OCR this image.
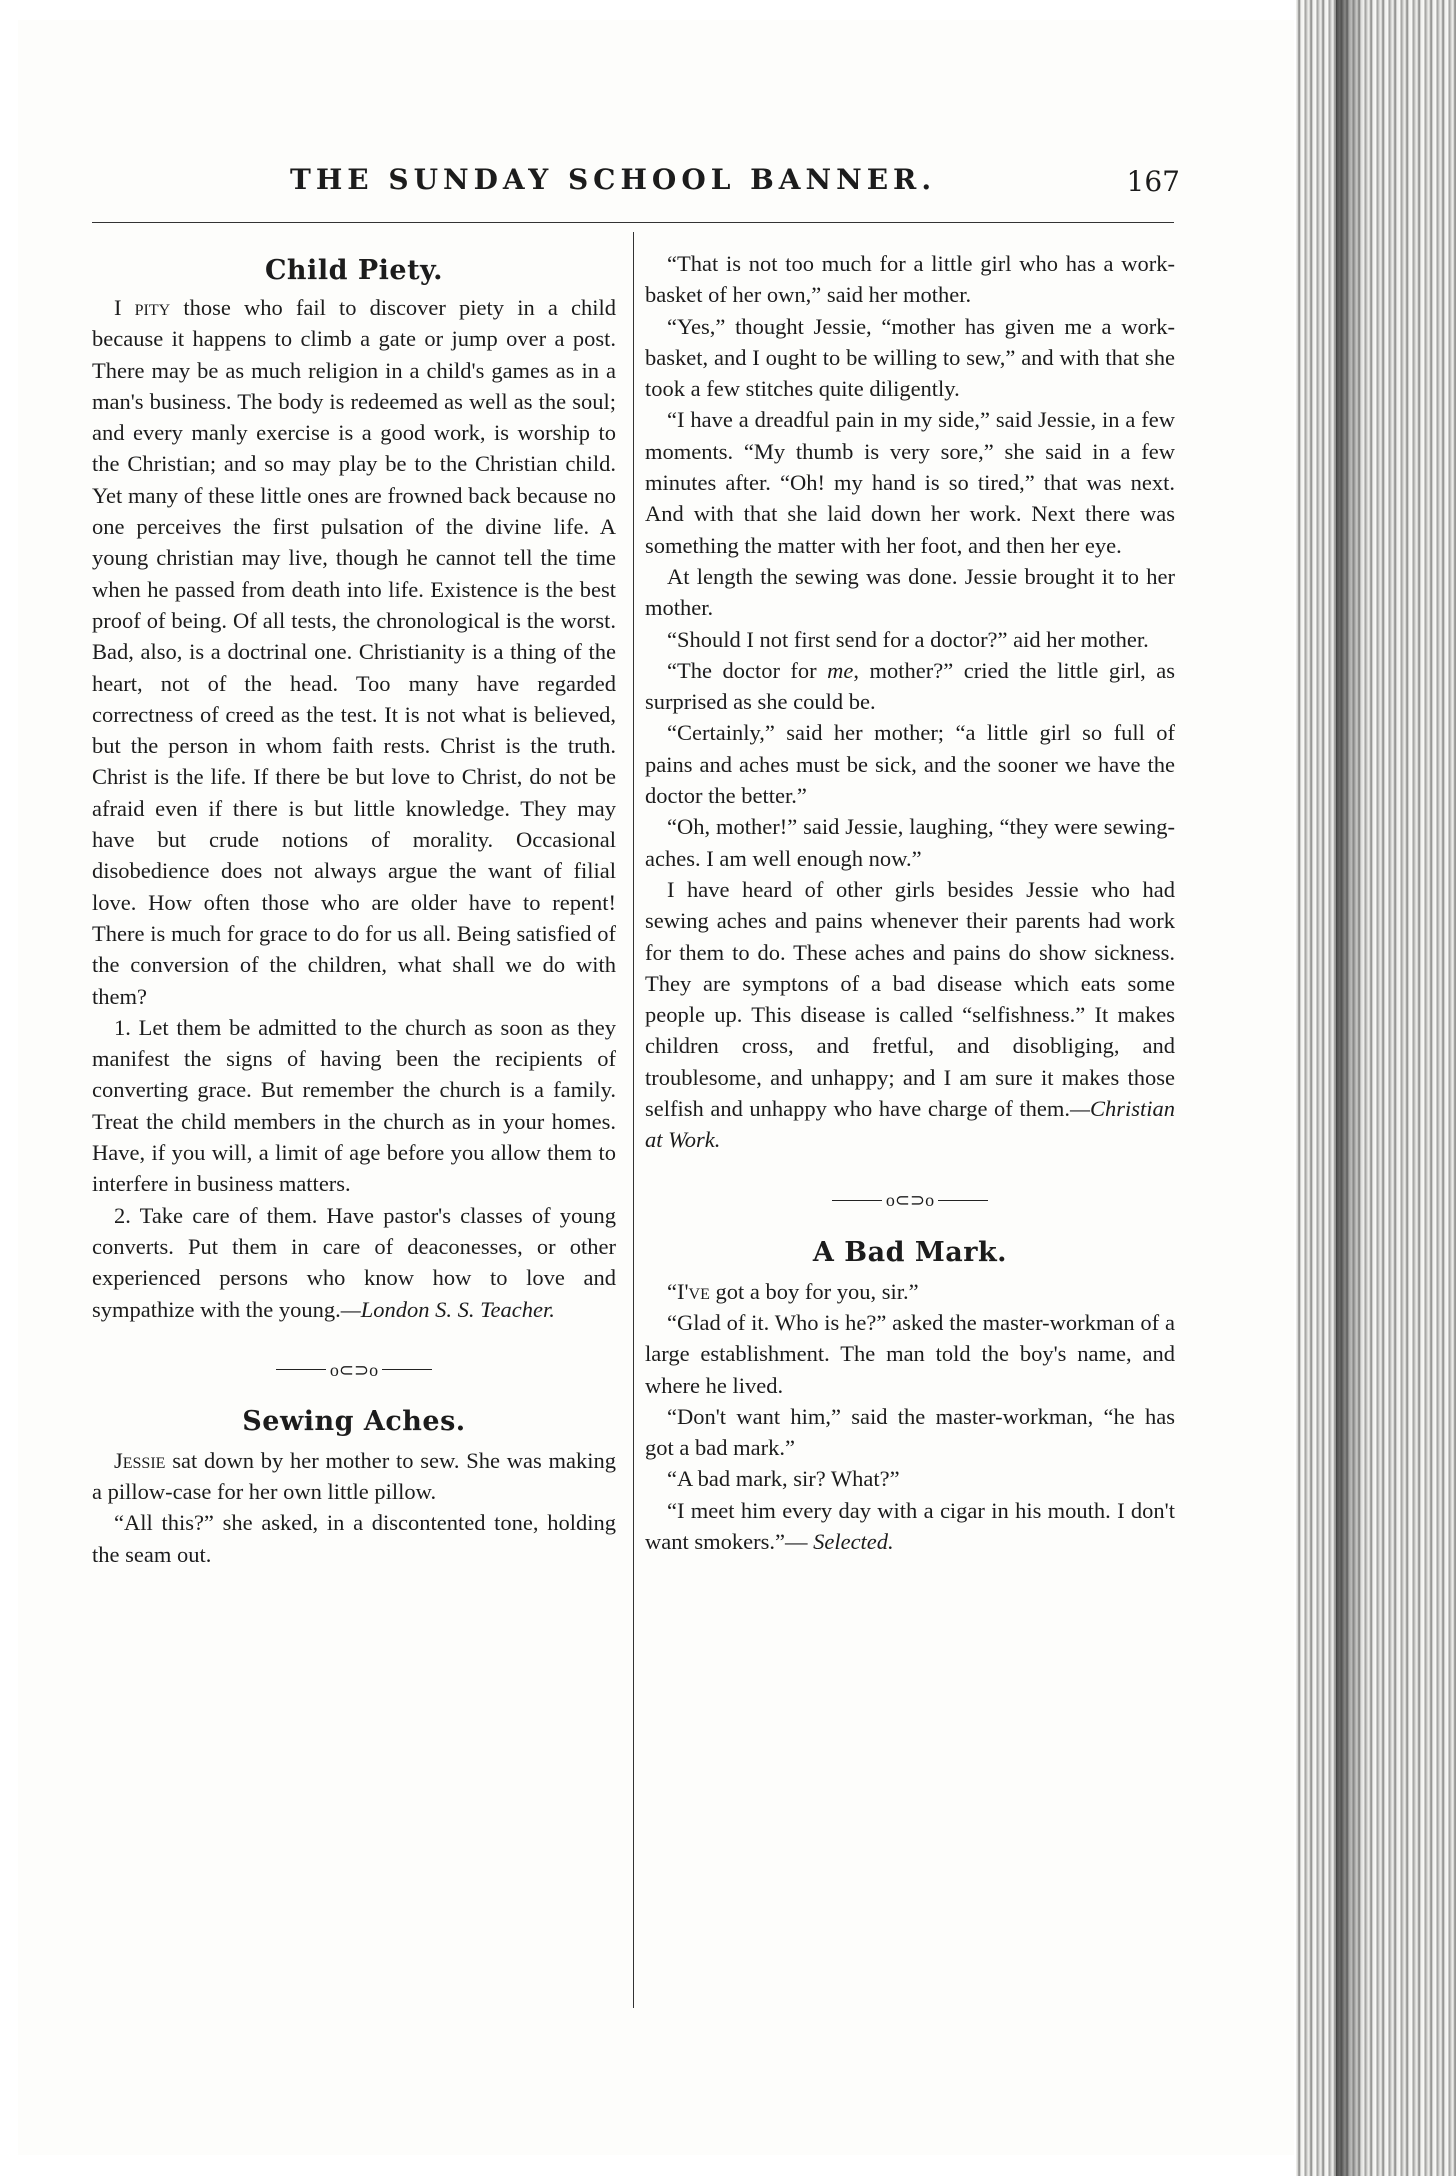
THE SUNDAY SCHOOL BANNER.	167
Child Piety.

I pity those who fail to discover piety in a child because it happens to climb a gate or jump over a post. There may be as much religion in a child's games as in a man's business. The body is redeemed as well as the soul; and every manly exercise is a good work, is worship to the Christian; and so may play be to the Christian child. Yet many of these little ones are frowned back because no one perceives the first pulsation of the divine life. A young christian may live, though he cannot tell the time when he passed from death into life. Existence is the best proof of being. Of all tests, the chronological is the worst. Bad, also, is a doctrinal one. Christianity is a thing of the heart, not of the head. Too many have regarded correctness of creed as the test. It is not what is believed, but the person in whom faith rests. Christ is the truth. Christ is the life. If there be but love to Christ, do not be afraid even if there is but little knowledge. They may have but crude notions of morality. Occasional disobedience does not always argue the want of filial love. How often those who are older have to repent! There is much for grace to do for us all. Being satisfied of the conversion of the children, what shall we do with them?

1. Let them be admitted to the church as soon as they manifest the signs of having been the recipients of converting grace. But remember the church is a family. Treat the child members in the church as in your homes. Have, if you will, a limit of age before you allow them to interfere in business matters.

2. Take care of them. Have pastor's classes of young converts. Put them in care of deaconesses, or other experienced persons who know how to love and sympathize with the young.—London S. S. Teacher.

o⊂⊃o
Sewing Aches.

Jessie sat down by her mother to sew. She was making a pillow-case for her own little pillow.

“All this?” she asked, in a discontented tone, holding the seam out.

“That is not too much for a little girl who has a work-basket of her own,” said her mother.

“Yes,” thought Jessie, “mother has given me a work-basket, and I ought to be willing to sew,” and with that she took a few stitches quite diligently.

“I have a dreadful pain in my side,” said Jessie, in a few moments. “My thumb is very sore,” she said in a few minutes after. “Oh! my hand is so tired,” that was next. And with that she laid down her work. Next there was something the matter with her foot, and then her eye.

At length the sewing was done. Jessie brought it to her mother.

“Should I not first send for a doctor?” aid her mother.

“The doctor for me, mother?” cried the little girl, as surprised as she could be.

“Certainly,” said her mother; “a little girl so full of pains and aches must be sick, and the sooner we have the doctor the better.”

“Oh, mother!” said Jessie, laughing, “they were sewing-aches. I am well enough now.”

I have heard of other girls besides Jessie who had sewing aches and pains whenever their parents had work for them to do. These aches and pains do show sickness. They are symptons of a bad disease which eats some people up. This disease is called “selfishness.” It makes children cross, and fretful, and disobliging, and troublesome, and unhappy; and I am sure it makes those selfish and unhappy who have charge of them.—Christian at Work.

o⊂⊃o
A Bad Mark.

“I've got a boy for you, sir.”

“Glad of it. Who is he?” asked the master-workman of a large establishment. The man told the boy's name, and where he lived.

“Don't want him,” said the master-workman, “he has got a bad mark.”

“A bad mark, sir? What?”

“I meet him every day with a cigar in his mouth. I don't want smokers.”— Selected.
